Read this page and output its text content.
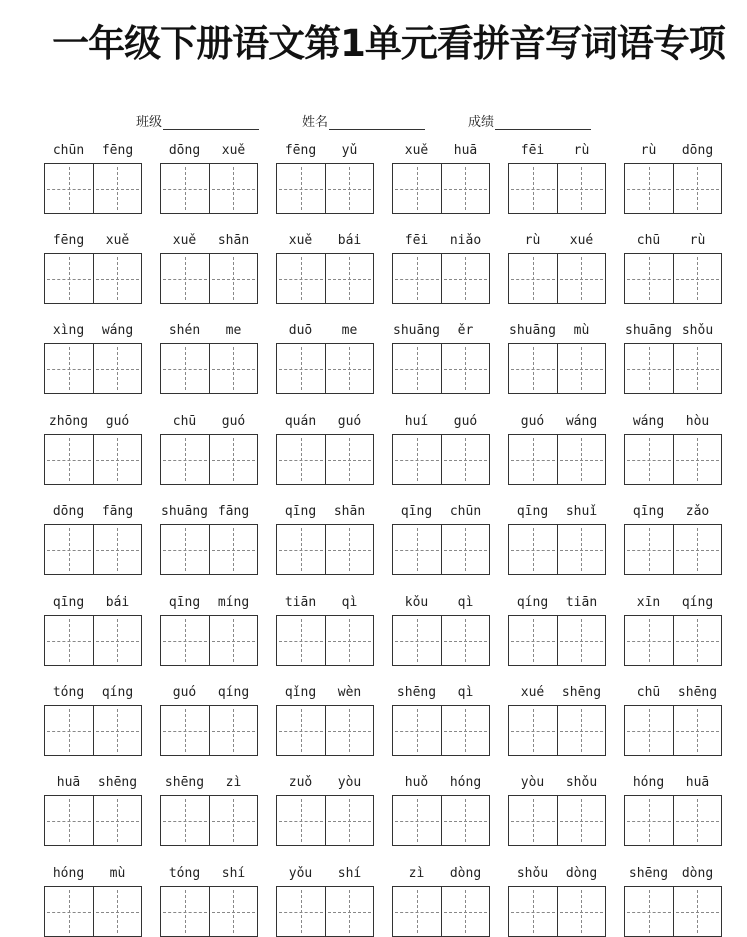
一年级下册语文第1单元看拼音写词语专项
班级	姓名	成绩
chūn	fēng	dōng	xuě	fēng	yǔ	xuě	huā	fēi	rù	rù	dōng
fēng	xuě	xuě	shān	xuě	bái	fēi	niǎo	rù	xué	chū	rù
xìng	wáng	shén	me	duō	me	shuāng	ěr	shuāng	mù	shuāng shǒu
zhōng	guó	chū	guó	quán	guó	huí	guó	guó	wáng	wáng	hòu
dōng	fāng	shuāng fāng	qīng	shān	qīng	chūn	qīng	shuǐ	qīng	zǎo
qīng	bái	qīng	míng	tiān	qì	kǒu	qì	qíng	tiān	xīn	qíng
tóng	qíng	guó	qíng	qǐng	wèn	shēng	qì	xué	shēng	chū	shēng
huā	shēng	shēng	zì	zuǒ	yòu	huǒ	hóng	yòu	shǒu	hóng	huā
hóng	mù	tóng	shí	yǒu	shí	zì	dòng	shǒu	dòng	shēng	dòng
